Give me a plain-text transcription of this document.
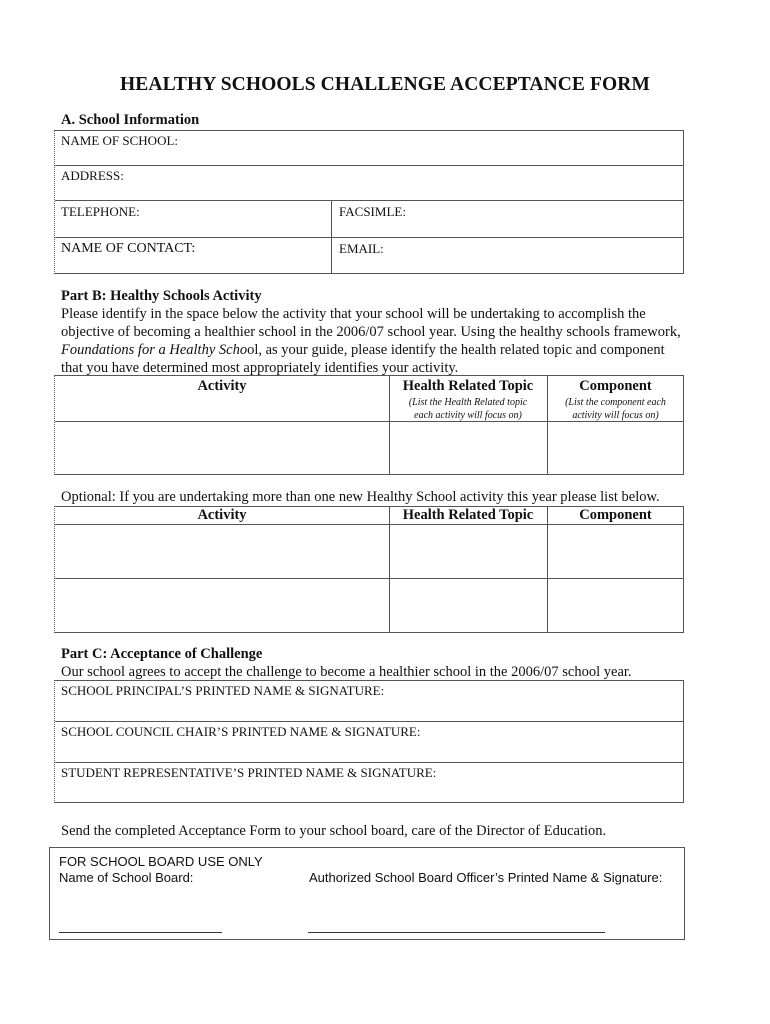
HEALTHY SCHOOLS CHALLENGE ACCEPTANCE FORM
A. School Information
NAME OF SCHOOL:
ADDRESS:
TELEPHONE:	FACSIMLE:
NAME OF CONTACT:	EMAIL:
Part B: Healthy Schools Activity
Please identify in the space below the activity that your school will be undertaking to accomplish the
objective of becoming a healthier school in the 2006/07 school year. Using the healthy schools framework,
Foundations for a Healthy School, as your guide, please identify the health related topic and component
that you have determined most appropriately identifies your activity.
Activity	Health Related Topic	Component
(List the Health Related topic
each activity will focus on)
(List the component each
activity will focus on)
Optional: If you are undertaking more than one new Healthy School activity this year please list below.
Activity	Health Related Topic	Component
Part C: Acceptance of Challenge
Our school agrees to accept the challenge to become a healthier school in the 2006/07 school year.
SCHOOL PRINCIPAL’S PRINTED NAME & SIGNATURE:
SCHOOL COUNCIL CHAIR’S PRINTED NAME & SIGNATURE:
STUDENT REPRESENTATIVE’S PRINTED NAME & SIGNATURE:
Send the completed Acceptance Form to your school board, care of the Director of Education.
FOR SCHOOL BOARD USE ONLY
Name of School Board:	Authorized School Board Officer’s Printed Name & Signature:
